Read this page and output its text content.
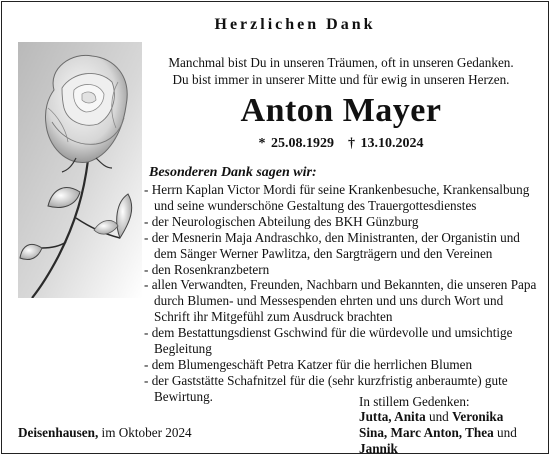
Herzlichen Dank
Manchmal bist Du in unseren Träumen, oft in unseren Gedanken.
Du bist immer in unserer Mitte und für ewig in unseren Herzen.
Anton Mayer
* 25.08.1929 † 13.10.2024
Besonderen Dank sagen wir:
- Herrn Kaplan Victor Mordi für seine Krankenbesuche, Krankensalbung und seine wunderschöne Gestaltung des Trauergottesdienstes
- der Neurologischen Abteilung des BKH Günzburg
- der Mesnerin Maja Andraschko, den Ministranten, der Organistin und dem Sänger Werner Pawlitza, den Sargträgern und den Vereinen
- den Rosenkranzbetern
- allen Verwandten, Freunden, Nachbarn und Bekannten, die unseren Papa durch Blumen- und Messespenden ehrten und uns durch Wort und Schrift ihr Mitgefühl zum Ausdruck brachten
- dem Bestattungsdienst Gschwind für die würdevolle und umsichtige Begleitung
- dem Blumengeschäft Petra Katzer für die herrlichen Blumen
- der Gaststätte Schafnitzel für die (sehr kurzfristig anberaumte) gute Bewirtung.	In stillem Gedenken:
Jutta, Anita und Veronika
Sina, Marc Anton, Thea und Jannik
Deisenhausen, im Oktober 2024
